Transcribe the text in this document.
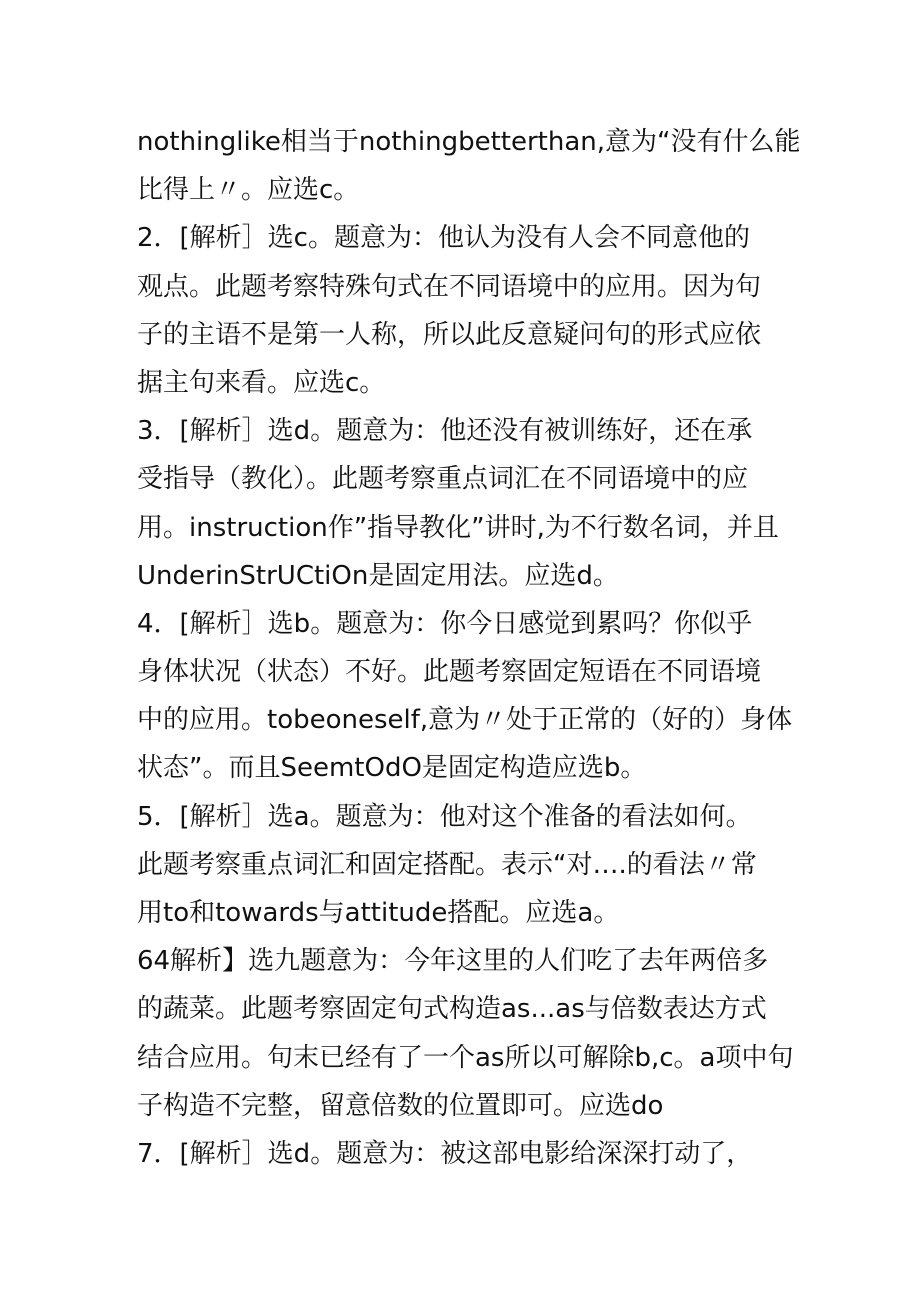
nothinglike相当于nothingbetterthan,意为“没有什么能
比得上〃。应选c。
2．[解析］选c。题意为：他认为没有人会不同意他的
观点。此题考察特殊句式在不同语境中的应用。因为句
子的主语不是第一人称，所以此反意疑问句的形式应依
据主句来看。应选c。
3．[解析］选d。题意为：他还没有被训练好，还在承
受指导（教化）。此题考察重点词汇在不同语境中的应
用。instruction作”指导教化”讲时,为不行数名词，并且
UnderinStrUCtiOn是固定用法。应选d。
4．[解析］选b。题意为：你今日感觉到累吗？你似乎
身体状况（状态）不好。此题考察固定短语在不同语境
中的应用。tobeoneself,意为〃处于正常的（好的）身体
状态”。而且SeemtOdO是固定构造应选b。
5．[解析］选a。题意为：他对这个准备的看法如何。
此题考察重点词汇和固定搭配。表示“对….的看法〃常
用to和towards与attitude搭配。应选a。
64解析】选九题意为：今年这里的人们吃了去年两倍多
的蔬菜。此题考察固定句式构造as...as与倍数表达方式
结合应用。句末已经有了一个as所以可解除b,c。a项中句
子构造不完整，留意倍数的位置即可。应选do
7．[解析］选d。题意为：被这部电影给深深打动了，
